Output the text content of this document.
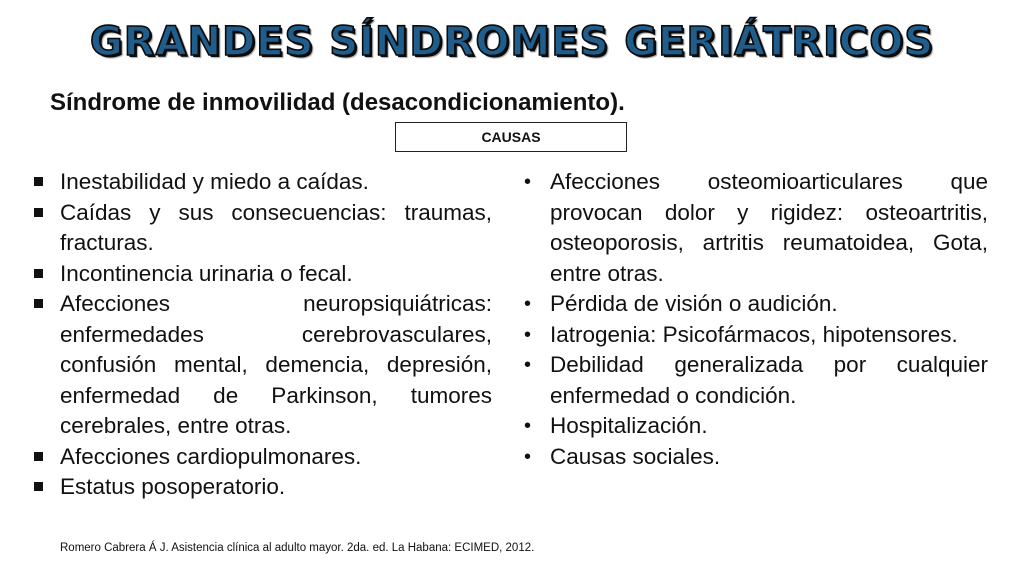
GRANDES SÍNDROMES GERIÁTRICOS
Síndrome de inmovilidad (desacondicionamiento).
CAUSAS
Inestabilidad y miedo a caídas.
Caídas y sus consecuencias: traumas, fracturas.
Incontinencia urinaria o fecal.
Afecciones neuropsiquiátricas: enfermedades cerebrovasculares, confusión mental, demencia, depresión, enfermedad de Parkinson, tumores cerebrales, entre otras.
Afecciones cardiopulmonares.
Estatus posoperatorio.
• Afecciones osteomioarticulares que provocan dolor y rigidez: osteoartritis, osteoporosis, artritis reumatoidea, Gota, entre otras.
• Pérdida de visión o audición.
• Iatrogenia: Psicofármacos, hipotensores.
• Debilidad generalizada por cualquier enfermedad o condición.
• Hospitalización.
• Causas sociales.
Romero Cabrera Á J. Asistencia clínica al adulto mayor. 2da. ed. La Habana: ECIMED, 2012.
